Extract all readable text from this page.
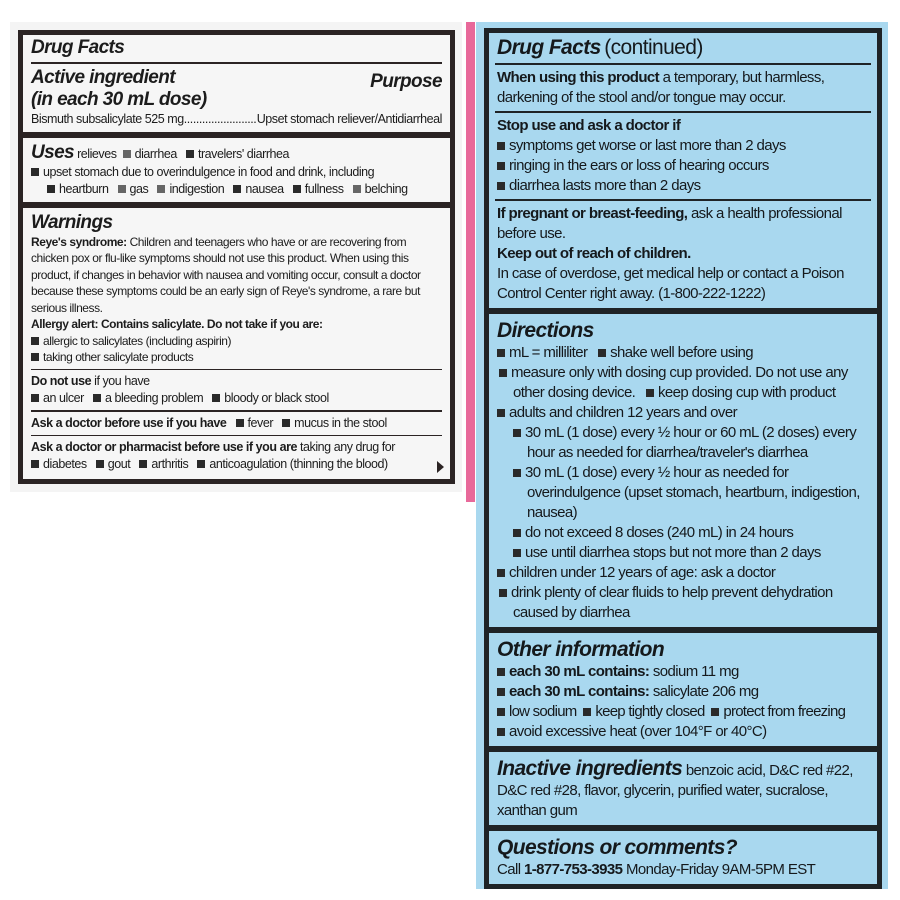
Drug Facts
Active ingredient
(in each 30 mL dose)
Purpose
Bismuth subsalicylate 525 mg .....	Upset stomach reliever/Antidiarrheal
Uses relieves diarrhea travelers' diarrhea
upset stomach due to overindulgence in food and drink, including
heartburn gas indigestion nausea fullness belching
Warnings
Reye's syndrome: Children and teenagers who have or are recovering from chicken pox or flu-like symptoms should not use this product. When using this product, if changes in behavior with nausea and vomiting occur, consult a doctor because these symptoms could be an early sign of Reye's syndrome, a rare but serious illness.
Allergy alert: Contains salicylate. Do not take if you are:
allergic to salicylates (including aspirin)
taking other salicylate products
Do not use if you have
an ulcer a bleeding problem bloody or black stool
Ask a doctor before use if you have fever mucus in the stool
Ask a doctor or pharmacist before use if you are taking any drug for
diabetes gout arthritis anticoagulation (thinning the blood)
Drug Facts (continued)
When using this product a temporary, but harmless, darkening of the stool and/or tongue may occur.
Stop use and ask a doctor if
symptoms get worse or last more than 2 days
ringing in the ears or loss of hearing occurs
diarrhea lasts more than 2 days
If pregnant or breast-feeding, ask a health professional before use.
Keep out of reach of children.
In case of overdose, get medical help or contact a Poison Control Center right away. (1-800-222-1222)
Directions
mL = milliliter shake well before using
measure only with dosing cup provided. Do not use any other dosing device. keep dosing cup with product
adults and children 12 years and over
30 mL (1 dose) every ½ hour or 60 mL (2 doses) every hour as needed for diarrhea/traveler's diarrhea
30 mL (1 dose) every ½ hour as needed for overindulgence (upset stomach, heartburn, indigestion, nausea)
do not exceed 8 doses (240 mL) in 24 hours
use until diarrhea stops but not more than 2 days
children under 12 years of age: ask a doctor
drink plenty of clear fluids to help prevent dehydration caused by diarrhea
Other information
each 30 mL contains: sodium 11 mg
each 30 mL contains: salicylate 206 mg
low sodium keep tightly closed protect from freezing
avoid excessive heat (over 104°F or 40°C)
Inactive ingredients benzoic acid, D&C red #22, D&C red #28, flavor, glycerin, purified water, sucralose, xanthan gum
Questions or comments?
Call 1-877-753-3935 Monday-Friday 9AM-5PM EST
